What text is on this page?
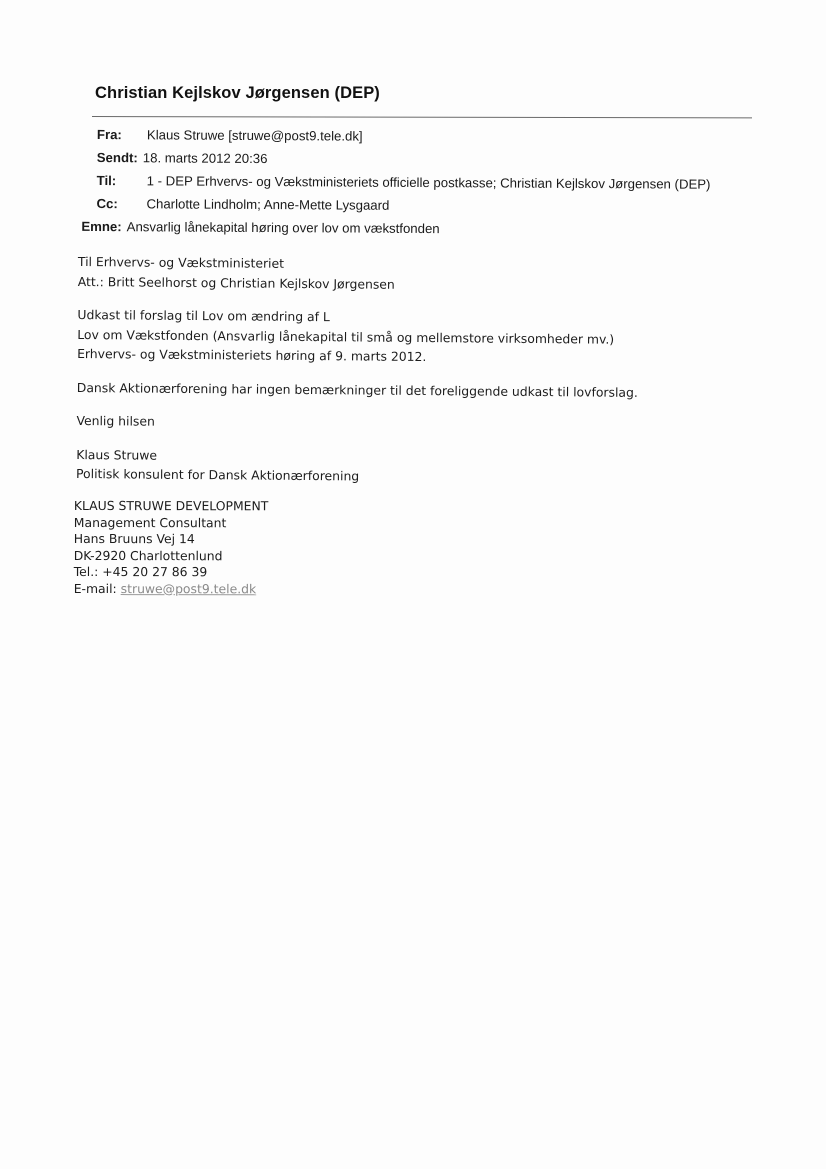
Christian Kejlskov Jørgensen (DEP)
Fra:	Klaus Struwe [struwe@post9.tele.dk]
Sendt: 18. marts 2012 20:36
Til:	1 - DEP Erhvervs- og Vækstministeriets officielle postkasse; Christian Kejlskov Jørgensen (DEP)
Cc:	Charlotte Lindholm; Anne-Mette Lysgaard
Emne: Ansvarlig lånekapital høring over lov om vækstfonden
Til Erhvervs- og Vækstministeriet
Att.: Britt Seelhorst og Christian Kejlskov Jørgensen
Udkast til forslag til Lov om ændring af L
Lov om Vækstfonden (Ansvarlig lånekapital til små og mellemstore virksomheder mv.)
Erhvervs- og Vækstministeriets høring af 9. marts 2012.
Dansk Aktionærforening har ingen bemærkninger til det foreliggende udkast til lovforslag.
Venlig hilsen
Klaus Struwe
Politisk konsulent for Dansk Aktionærforening
KLAUS STRUWE DEVELOPMENT
Management Consultant
Hans Bruuns Vej 14
DK-2920 Charlottenlund
Tel.: +45 20 27 86 39
E-mail: struwe@post9.tele.dk
